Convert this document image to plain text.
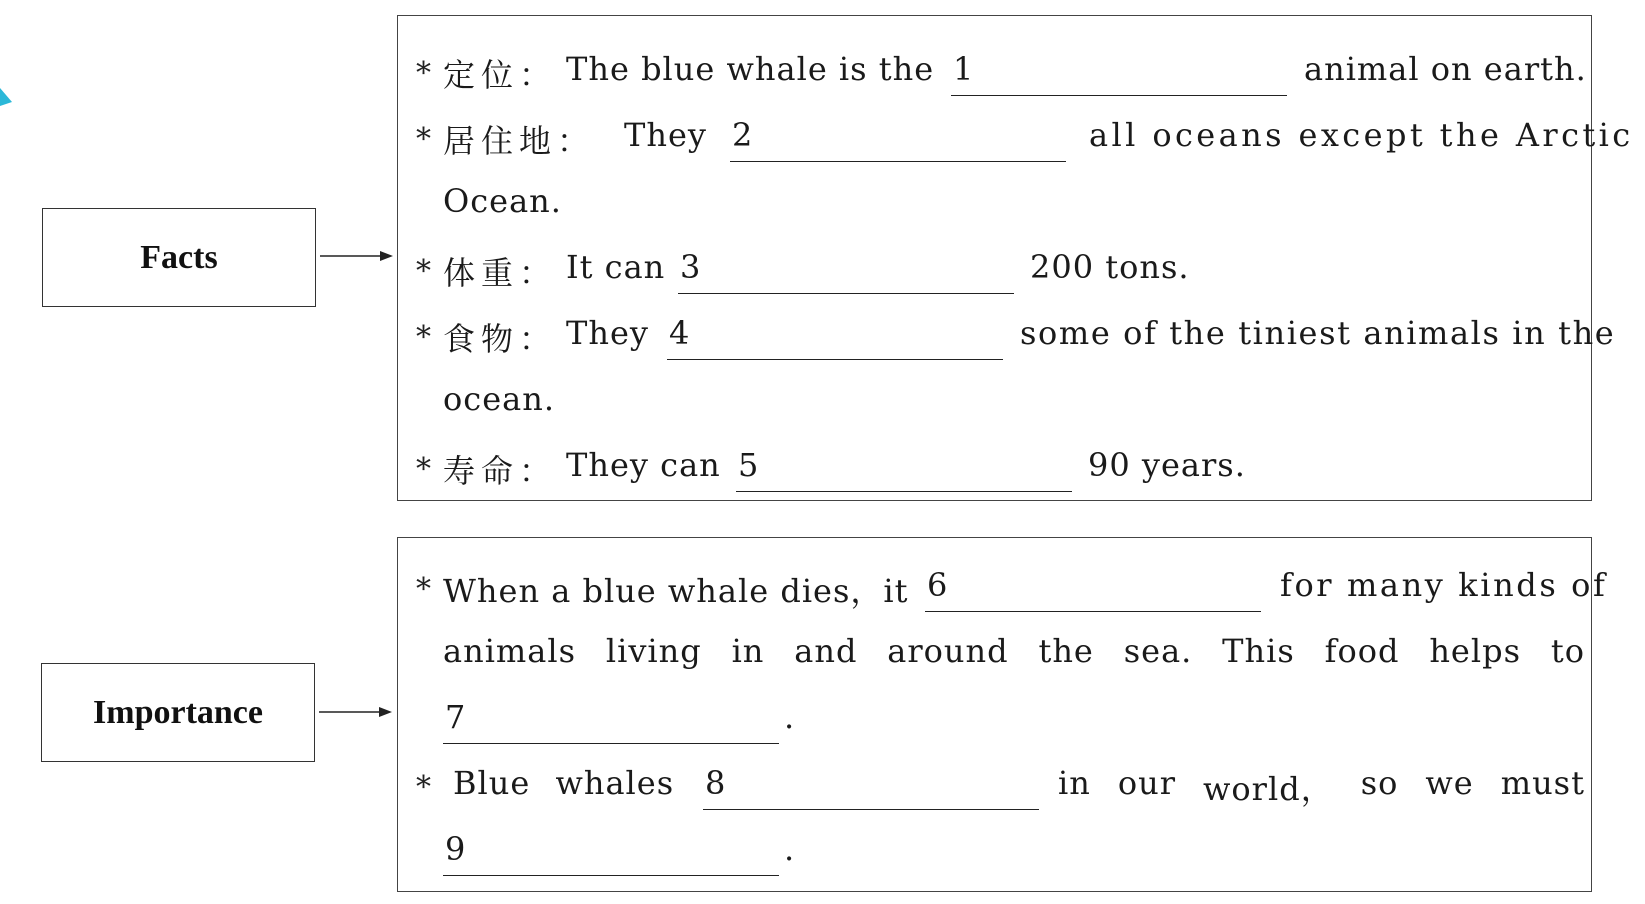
Facts
Importance
* 定位： The blue whale is the 1	animal on earth.
* 居住地： They 2	all oceans except the Arctic
Ocean.
* 体重： It can 3	200 tons.
* 食物： They 4	some of the tiniest animals in the
ocean.
* 寿命： They can 5	90 years.
* When a blue whale dies，it 6	for many kinds of
animals living in and around the sea. This food helps to
7	.
* Blue whales 8	in our world， so we must
9	.
